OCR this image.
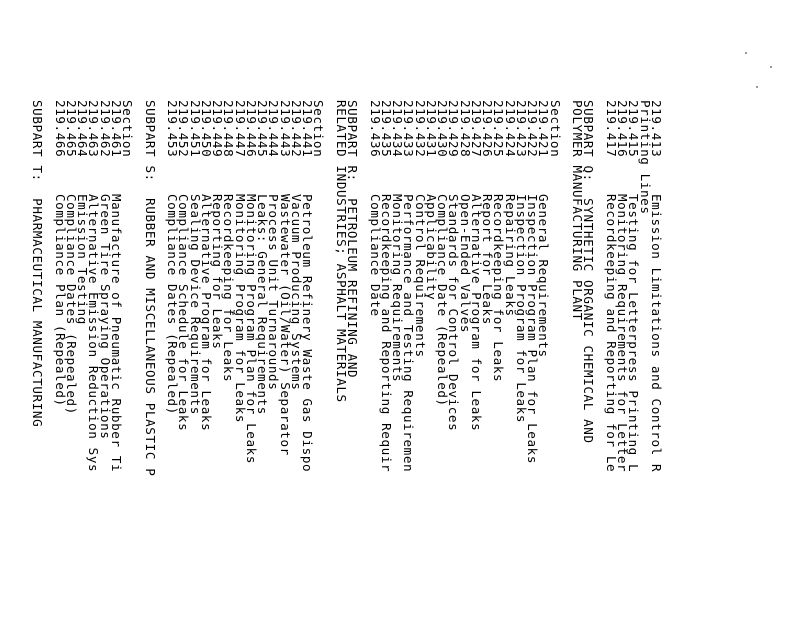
219.413Emission Limitations and Control R
Printing Lines
219.415Testing for Letterpress Printing L
219.416Monitoring Requirements for Letter
219.417Recordkeeping and Reporting for Le
SUBPART Q:  SYNTHETIC ORGANIC CHEMICAL AND
POLYMER MANUFACTURING PLANT
Section
219.421General Requirements
219.422Inspection Program Plan for Leaks
219.423Inspection Program for Leaks
219.424Repairing Leaks
219.425Recordkeeping for Leaks
219.426Report for Leaks
219.427Alternative Program for Leaks
219.428Open-Ended Valves
219.429Standards for Control Devices
219.430Compliance Date (Repealed)
219.431Applicability
219.432Control Requirements
219.433Performance and Testing Requiremen
219.434Monitoring Requirements
219.435Recordkeeping and Reporting Requir
219.436Compliance Date
SUBPART R:  PETROLEUM REFINING AND
RELATED INDUSTRIES; ASPHALT MATERIALS
Section
219.441Petroleum Refinery Waste Gas Dispo
219.442Vacuum Producing Systems
219.443Wastewater (Oil/Water) Separator
219.444Process Unit Turnarounds
219.445Leaks: General Requirements
219.446Monitoring Program Plan for Leaks
219.447Monitoring Program for Leaks
219.448Recordkeeping for Leaks
219.449Reporting for Leaks
219.450Alternative Program for Leaks
219.451Sealing Device Requirements
219.452Compliance Schedule for Leaks
219.453Compliance Dates (Repealed)
SUBPART S:  RUBBER AND MISCELLANEOUS PLASTIC P
Section
219.461Manufacture of Pneumatic Rubber Ti
219.462Green Tire Spraying Operations
219.463Alternative Emission Reduction Sys
219.464Emission Testing
219.465Compliance Dates (Repealed)
219.466Compliance Plan (Repealed)
SUBPART T:  PHARMACEUTICAL MANUFACTURING
